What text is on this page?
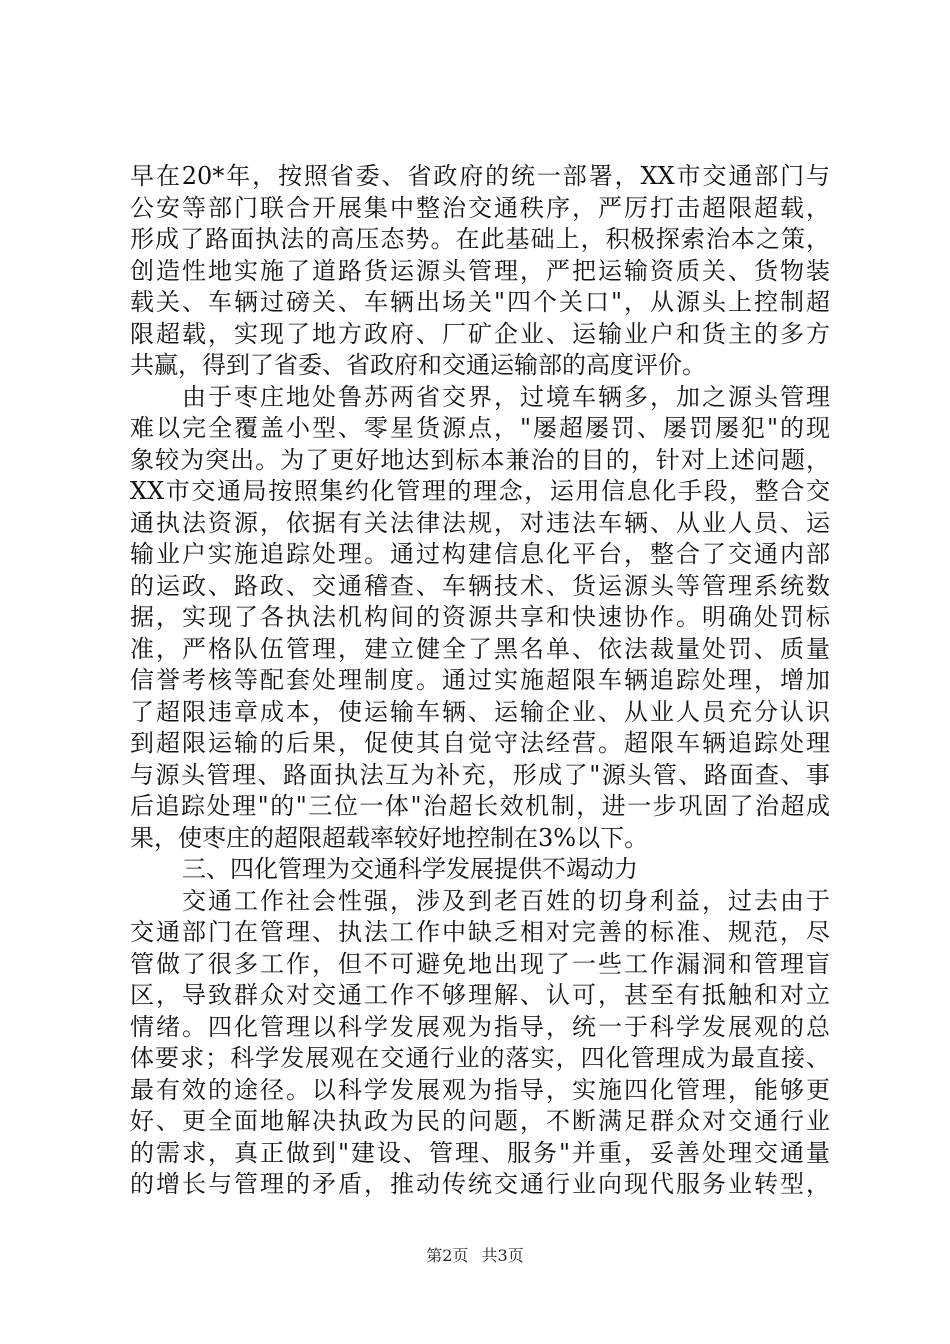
早在20*年，按照省委、省政府的统一部署，XX市交通部门与
公安等部门联合开展集中整治交通秩序，严厉打击超限超载，
形成了路面执法的高压态势。在此基础上，积极探索治本之策，
创造性地实施了道路货运源头管理，严把运输资质关、货物装
载关、车辆过磅关、车辆出场关"四个关口"，从源头上控制超
限超载，实现了地方政府、厂矿企业、运输业户和货主的多方
共赢，得到了省委、省政府和交通运输部的高度评价。
由于枣庄地处鲁苏两省交界，过境车辆多，加之源头管理
难以完全覆盖小型、零星货源点，"屡超屡罚、屡罚屡犯"的现
象较为突出。为了更好地达到标本兼治的目的，针对上述问题，
XX市交通局按照集约化管理的理念，运用信息化手段，整合交
通执法资源，依据有关法律法规，对违法车辆、从业人员、运
输业户实施追踪处理。通过构建信息化平台，整合了交通内部
的运政、路政、交通稽查、车辆技术、货运源头等管理系统数
据，实现了各执法机构间的资源共享和快速协作。明确处罚标
准，严格队伍管理，建立健全了黑名单、依法裁量处罚、质量
信誉考核等配套处理制度。通过实施超限车辆追踪处理，增加
了超限违章成本，使运输车辆、运输企业、从业人员充分认识
到超限运输的后果，促使其自觉守法经营。超限车辆追踪处理
与源头管理、路面执法互为补充，形成了"源头管、路面查、事
后追踪处理"的"三位一体"治超长效机制，进一步巩固了治超成
果，使枣庄的超限超载率较好地控制在3%以下。
三、四化管理为交通科学发展提供不竭动力
交通工作社会性强，涉及到老百姓的切身利益，过去由于
交通部门在管理、执法工作中缺乏相对完善的标准、规范，尽
管做了很多工作，但不可避免地出现了一些工作漏洞和管理盲
区，导致群众对交通工作不够理解、认可，甚至有抵触和对立
情绪。四化管理以科学发展观为指导，统一于科学发展观的总
体要求；科学发展观在交通行业的落实，四化管理成为最直接、
最有效的途径。以科学发展观为指导，实施四化管理，能够更
好、更全面地解决执政为民的问题，不断满足群众对交通行业
的需求，真正做到"建设、管理、服务"并重，妥善处理交通量
的增长与管理的矛盾，推动传统交通行业向现代服务业转型，
第2页 共3页
